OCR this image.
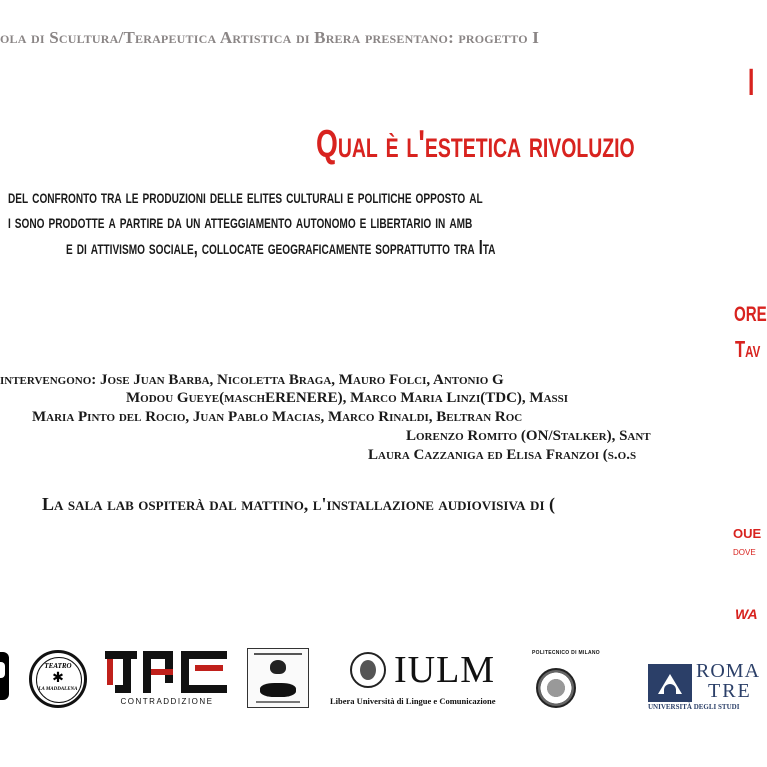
ola di Scultura/Terapeutica Artistica di Brera presentano: progetto I
I
Qual è l'estetica rivoluzio
del confronto tra le produzioni delle elites culturali e politiche opposto al
i sono prodotte a partire da un atteggiamento autonomo e libertario in amb
e di attivismo sociale, collocate geograficamente soprattutto tra Ita
ORE
Tav
intervengono: Jose Juan Barba, Nicoletta Braga, Mauro Folci, Antonio G
Modou Gueye(maschERENERE), Marco Maria Linzi(TDC), Massi
Maria Pinto del Rocio, Juan Pablo Macias, Marco Rinaldi, Beltran Roc
Lorenzo Romito (ON/Stalker), Sant
Laura Cazzaniga ed Elisa Franzoi (s.o.s
La sala lab ospiterà dal mattino, l'installazione audiovisiva di (
OUE
dove
WA
TEATRO
✱
LA MADDALENA
CONTRADDIZIONE
IULM
Libera Università di Lingue e Comunicazione
POLITECNICO DI MILANO
ROMA
TRE
UNIVERSITÀ DEGLI STUDI
